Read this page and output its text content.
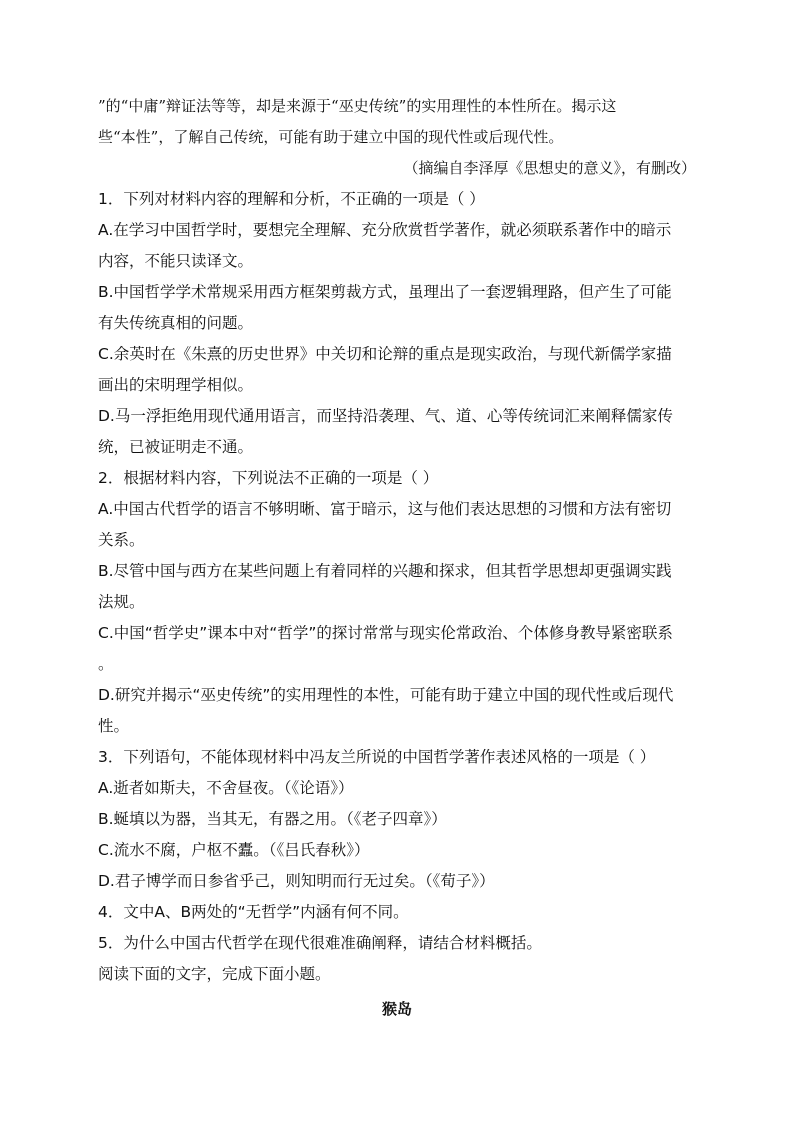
”的“中庸”辩证法等等，却是来源于“巫史传统”的实用理性的本性所在。揭示这
些“本性”，了解自己传统，可能有助于建立中国的现代性或后现代性。
（摘编自李泽厚《思想史的意义》，有删改）
1．下列对材料内容的理解和分析，不正确的一项是（ ）
A.在学习中国哲学时，要想完全理解、充分欣赏哲学著作，就必须联系著作中的暗示
内容，不能只读译文。
B.中国哲学学术常规采用西方框架剪裁方式，虽理出了一套逻辑理路，但产生了可能
有失传统真相的问题。
C.余英时在《朱熹的历史世界》中关切和论辩的重点是现实政治，与现代新儒学家描
画出的宋明理学相似。
D.马一浮拒绝用现代通用语言，而坚持沿袭理、气、道、心等传统词汇来阐释儒家传
统，已被证明走不通。
2．根据材料内容，下列说法不正确的一项是（ ）
A.中国古代哲学的语言不够明晰、富于暗示，这与他们表达思想的习惯和方法有密切
关系。
B.尽管中国与西方在某些问题上有着同样的兴趣和探求，但其哲学思想却更强调实践
法规。
C.中国“哲学史”课本中对“哲学”的探讨常常与现实伦常政治、个体修身教导紧密联系
。
D.研究并揭示“巫史传统”的实用理性的本性，可能有助于建立中国的现代性或后现代
性。
3．下列语句，不能体现材料中冯友兰所说的中国哲学著作表述风格的一项是（ ）
A.逝者如斯夫，不舍昼夜。（《论语》）
B.蜒填以为器，当其无，有器之用。（《老子四章》）
C.流水不腐，户枢不蠹。（《吕氏春秋》）
D.君子博学而日参省乎己，则知明而行无过矣。（《荀子》）
4．文中A、B两处的“无哲学”内涵有何不同。
5．为什么中国古代哲学在现代很难准确阐释，请结合材料概括。
阅读下面的文字，完成下面小题。
猴岛
